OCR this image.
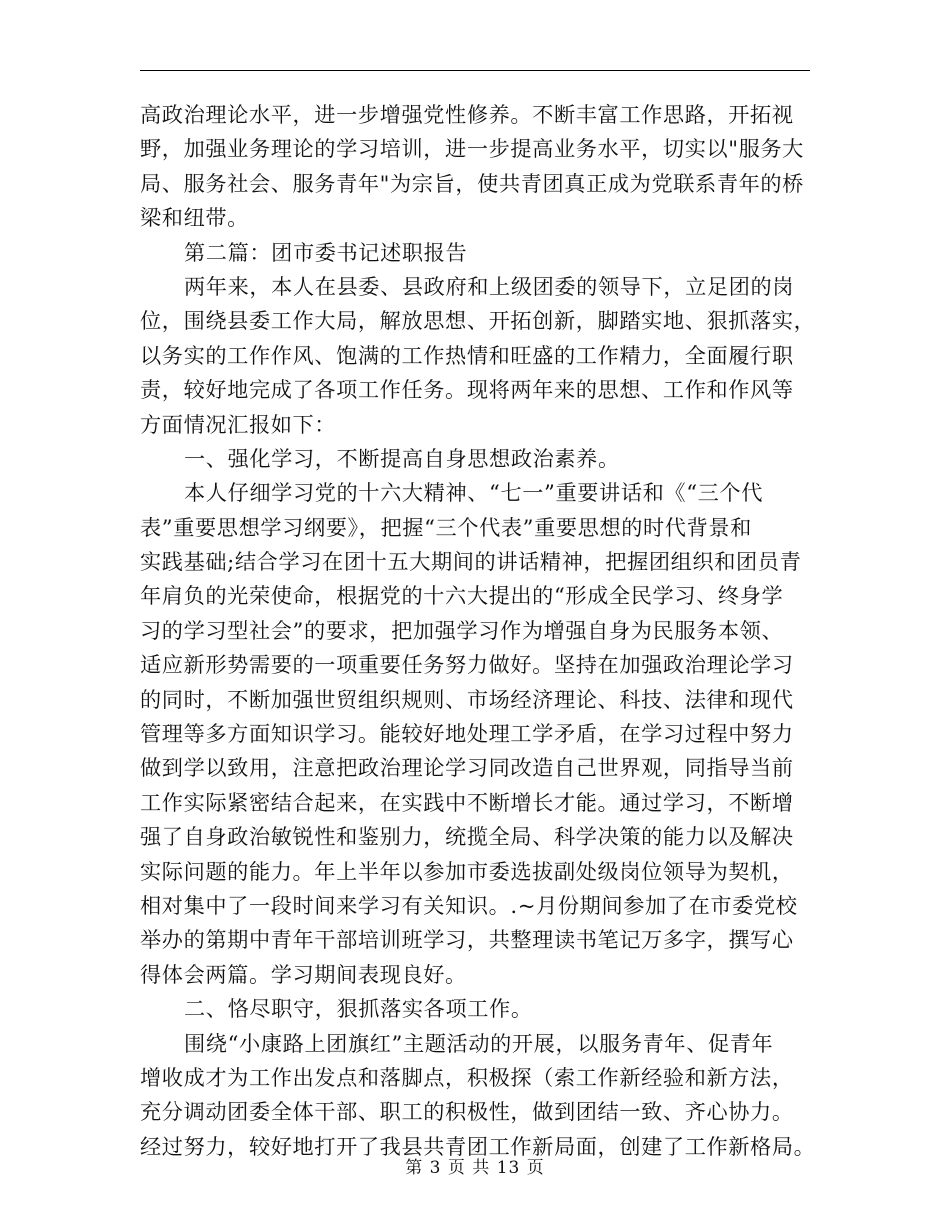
高政治理论水平，进一步增强党性修养。不断丰富工作思路，开拓视
野，加强业务理论的学习培训，进一步提高业务水平，切实以"服务大
局、服务社会、服务青年"为宗旨，使共青团真正成为党联系青年的桥
梁和纽带。
第二篇：团市委书记述职报告
两年来，本人在县委、县政府和上级团委的领导下，立足团的岗
位，围绕县委工作大局，解放思想、开拓创新，脚踏实地、狠抓落实，
以务实的工作作风、饱满的工作热情和旺盛的工作精力，全面履行职
责，较好地完成了各项工作任务。现将两年来的思想、工作和作风等
方面情况汇报如下：
一、强化学习，不断提高自身思想政治素养。
本人仔细学习党的十六大精神、“七一”重要讲话和《“三个代
表”重要思想学习纲要》，把握“三个代表”重要思想的时代背景和
实践基础;结合学习在团十五大期间的讲话精神，把握团组织和团员青
年肩负的光荣使命，根据党的十六大提出的“形成全民学习、终身学
习的学习型社会”的要求，把加强学习作为增强自身为民服务本领、
适应新形势需要的一项重要任务努力做好。坚持在加强政治理论学习
的同时，不断加强世贸组织规则、市场经济理论、科技、法律和现代
管理等多方面知识学习。能较好地处理工学矛盾，在学习过程中努力
做到学以致用，注意把政治理论学习同改造自己世界观，同指导当前
工作实际紧密结合起来，在实践中不断增长才能。通过学习，不断增
强了自身政治敏锐性和鉴别力，统揽全局、科学决策的能力以及解决
实际问题的能力。年上半年以参加市委选拔副处级岗位领导为契机，
相对集中了一段时间来学习有关知识。.~月份期间参加了在市委党校
举办的第期中青年干部培训班学习，共整理读书笔记万多字，撰写心
得体会两篇。学习期间表现良好。
二、恪尽职守，狠抓落实各项工作。
围绕“小康路上团旗红”主题活动的开展，以服务青年、促青年
增收成才为工作出发点和落脚点，积极探（索工作新经验和新方法，
充分调动团委全体干部、职工的积极性，做到团结一致、齐心协力。
经过努力，较好地打开了我县共青团工作新局面，创建了工作新格局。
第 3 页 共 13 页
